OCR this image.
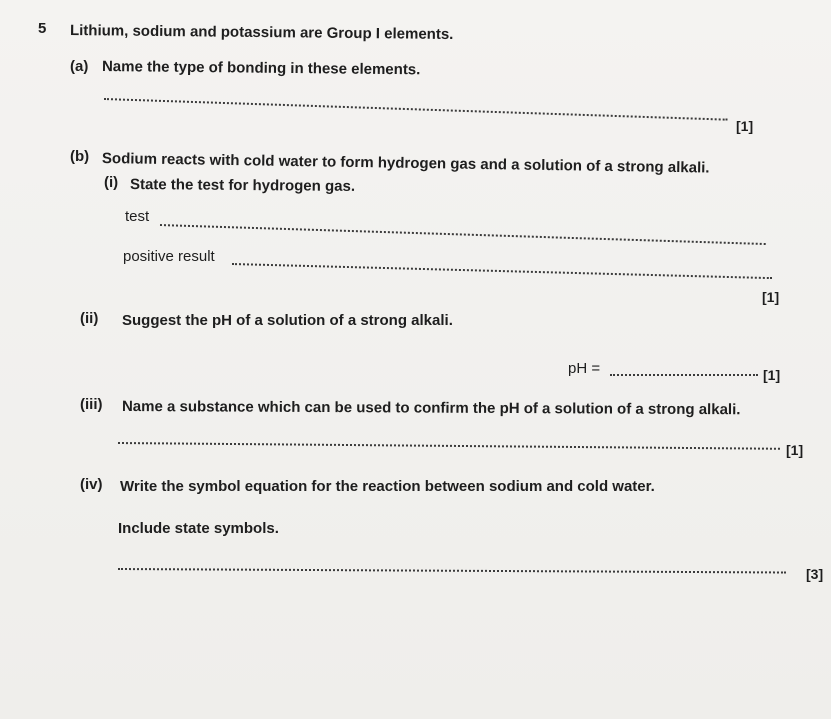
5 Lithium, sodium and potassium are Group I elements.
(a) Name the type of bonding in these elements.
[1]
(b) Sodium reacts with cold water to form hydrogen gas and a solution of a strong alkali.
(i) State the test for hydrogen gas.
test
positive result
[1]
(ii) Suggest the pH of a solution of a strong alkali.
pH =	[1]
(iii) Name a substance which can be used to confirm the pH of a solution of a strong alkali.
[1]
(iv) Write the symbol equation for the reaction between sodium and cold water.
Include state symbols.
[3]
